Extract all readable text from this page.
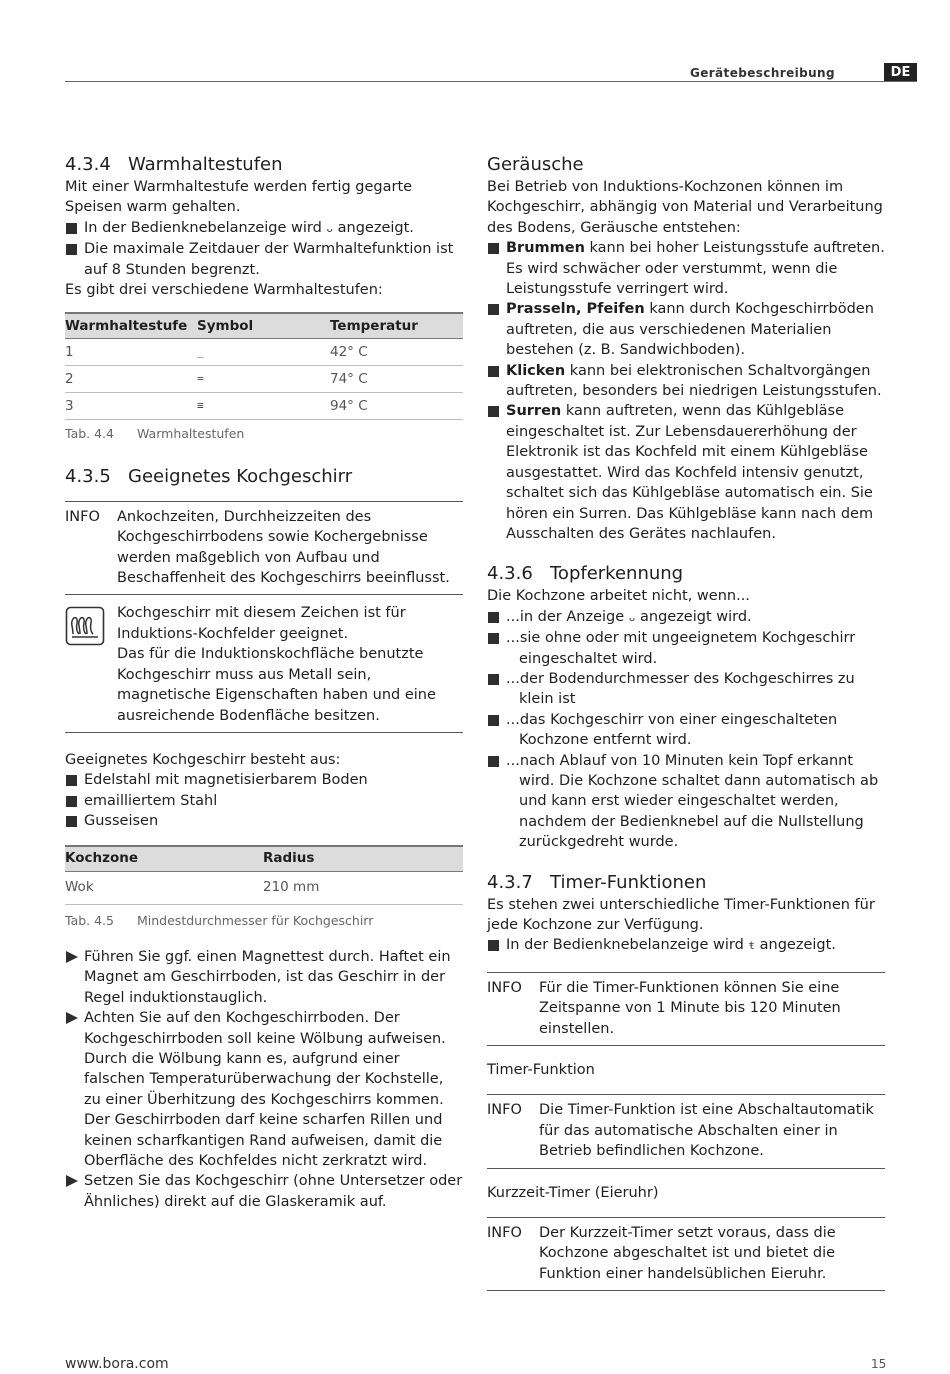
Gerätebeschreibung	DE
4.3.4 Warmhaltestufen

Mit einer Warmhaltestufe werden fertig gegarte Speisen warm gehalten.

In der Bedienknebelanzeige wird ᴗ angezeigt.
Die maximale Zeitdauer der Warmhaltefunktion ist auf 8 Stunden begrenzt.

Es gibt drei verschiedene Warmhaltestufen:

Warmhaltestufe	Symbol	Temperatur
1	_	42° C
2	=	74° C
3	≡	94° C
Tab. 4.4 Warmhaltestufen
4.3.5 Geeignetes Kochgeschirr
INFO	Ankochzeiten, Durchheizzeiten des Kochgeschirrbodens sowie Kochergebnisse werden maßgeblich von Aufbau und Beschaffenheit des Kochgeschirrs beeinflusst.

Kochgeschirr mit diesem Zeichen ist für Induktions-Kochfelder geeignet.

Das für die Induktionskochfläche benutzte Kochgeschirr muss aus Metall sein, magnetische Eigenschaften haben und eine ausreichende Bodenfläche besitzen.

Geeignetes Kochgeschirr besteht aus:

Edelstahl mit magnetisierbarem Boden
emailliertem Stahl
Gusseisen
Kochzone	Radius
Wok	210 mm
Tab. 4.5 Mindestdurchmesser für Kochgeschirr
Führen Sie ggf. einen Magnettest durch. Haftet ein Magnet am Geschirrboden, ist das Geschirr in der Regel induktionstauglich.
Achten Sie auf den Kochgeschirrboden. Der Kochgeschirrboden soll keine Wölbung aufweisen. Durch die Wölbung kann es, aufgrund einer falschen Temperaturüberwachung der Kochstelle, zu einer Überhitzung des Kochgeschirrs kommen. Der Geschirrboden darf keine scharfen Rillen und keinen scharfkantigen Rand aufweisen, damit die Oberfläche des Kochfeldes nicht zerkratzt wird.
Setzen Sie das Kochgeschirr (ohne Untersetzer oder Ähnliches) direkt auf die Glaskeramik auf.
Geräusche

Bei Betrieb von Induktions-Kochzonen können im Kochgeschirr, abhängig von Material und Verarbeitung des Bodens, Geräusche entstehen:

Brummen kann bei hoher Leistungsstufe auftreten. Es wird schwächer oder verstummt, wenn die Leistungsstufe verringert wird.
Prasseln, Pfeifen kann durch Kochgeschirrböden auftreten, die aus verschiedenen Materialien bestehen (z. B. Sandwichboden).
Klicken kann bei elektronischen Schaltvorgängen auftreten, besonders bei niedrigen Leistungsstufen.
Surren kann auftreten, wenn das Kühlgebläse eingeschaltet ist. Zur Lebensdauererhöhung der Elektronik ist das Kochfeld mit einem Kühlgebläse ausgestattet. Wird das Kochfeld intensiv genutzt, schaltet sich das Kühlgebläse automatisch ein. Sie hören ein Surren. Das Kühlgebläse kann nach dem Ausschalten des Gerätes nachlaufen.
4.3.6 Topferkennung

Die Kochzone arbeitet nicht, wenn...

...in der Anzeige ᴗ angezeigt wird.
...sie ohne oder mit ungeeignetem Kochgeschirr eingeschaltet wird.
...der Bodendurchmesser des Kochgeschirres zu klein ist
...das Kochgeschirr von einer eingeschalteten Kochzone entfernt wird.
...nach Ablauf von 10 Minuten kein Topf erkannt wird. Die Kochzone schaltet dann automatisch ab und kann erst wieder eingeschaltet werden, nachdem der Bedienknebel auf die Nullstellung zurückgedreht wurde.
4.3.7 Timer-Funktionen

Es stehen zwei unterschiedliche Timer-Funktionen für jede Kochzone zur Verfügung.

In der Bedienknebelanzeige wird ŧ angezeigt.
INFO	Für die Timer-Funktionen können Sie eine Zeitspanne von 1 Minute bis 120 Minuten einstellen.
Timer-Funktion
INFO	Die Timer-Funktion ist eine Abschaltautomatik für das automatische Abschalten einer in Betrieb befindlichen Kochzone.
Kurzzeit-Timer (Eieruhr)
INFO	Der Kurzzeit-Timer setzt voraus, dass die Kochzone abgeschaltet ist und bietet die Funktion einer handelsüblichen Eieruhr.
www.bora.com	15
